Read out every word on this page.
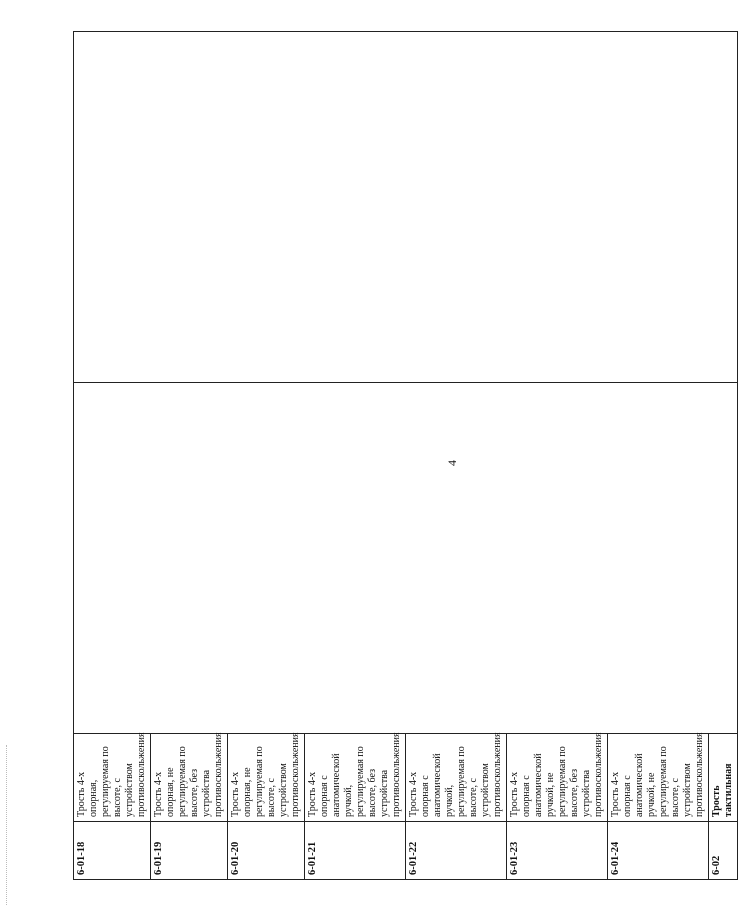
4
6-01-18	Трость 4-х опорная, регулируемая по высоте, с устройством противоскольжения		
6-01-19	Трость 4-х опорная, не регулируемая по высоте, без устройства противоскольжения		
6-01-20	Трость 4-х опорная, не регулируемая по высоте, с устройством противоскольжения		
6-01-21	Трость 4-х опорная с анатомической ручкой, регулируемая по высоте, без устройства противоскольжения		
6-01-22	Трость 4-х опорная с анатомической ручкой, регулируемая по высоте, с устройством противоскольжения		
6-01-23	Трость 4-х опорная с анатомической ручкой, не регулируемая по высоте, без устройства противоскольжения		
6-01-24	Трость 4-х опорная с анатомической ручкой, не регулируемая по высоте, с устройством противоскольжения		
6-02	Трость тактильная		
